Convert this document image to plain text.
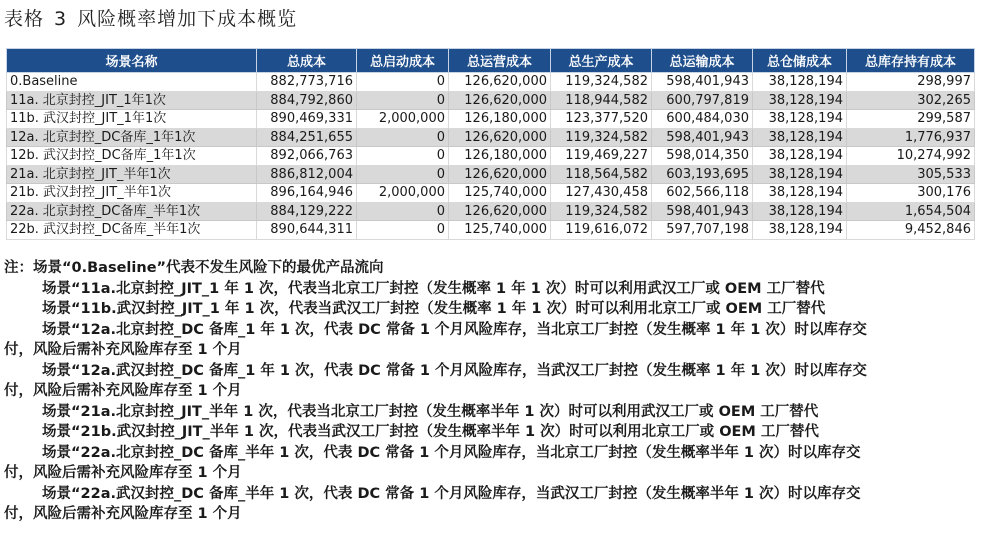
表格 3 风险概率增加下成本概览
场景名称	总成本	总启动成本	总运营成本	总生产成本	总运输成本	总仓储成本	总库存持有成本
0.Baseline	882,773,716	0	126,620,000	119,324,582	598,401,943	38,128,194	298,997
11a. 北京封控_JIT_1年1次	884,792,860	0	126,620,000	118,944,582	600,797,819	38,128,194	302,265
11b. 武汉封控_JIT_1年1次	890,469,331	2,000,000	126,180,000	123,377,520	600,484,030	38,128,194	299,587
12a. 北京封控_DC备库_1年1次	884,251,655	0	126,620,000	119,324,582	598,401,943	38,128,194	1,776,937
12b. 武汉封控_DC备库_1年1次	892,066,763	0	126,180,000	119,469,227	598,014,350	38,128,194	10,274,992
21a. 北京封控_JIT_半年1次	886,812,004	0	126,620,000	118,564,582	603,193,695	38,128,194	305,533
21b. 武汉封控_JIT_半年1次	896,164,946	2,000,000	125,740,000	127,430,458	602,566,118	38,128,194	300,176
22a. 北京封控_DC备库_半年1次	884,129,222	0	126,620,000	119,324,582	598,401,943	38,128,194	1,654,504
22b. 武汉封控_DC备库_半年1次	890,644,311	0	125,740,000	119,616,072	597,707,198	38,128,194	9,452,846
注：场景“0.Baseline”代表不发生风险下的最优产品流向
场景“11a.北京封控_JIT_1 年 1 次，代表当北京工厂封控（发生概率 1 年 1 次）时可以利用武汉工厂或 OEM 工厂替代
场景“11b.武汉封控_JIT_1 年 1 次，代表当武汉工厂封控（发生概率 1 年 1 次）时可以利用北京工厂或 OEM 工厂替代
场景“12a.北京封控_DC 备库_1 年 1 次，代表 DC 常备 1 个月风险库存，当北京工厂封控（发生概率 1 年 1 次）时以库存交
付，风险后需补充风险库存至 1 个月
场景“12a.武汉封控_DC 备库_1 年 1 次，代表 DC 常备 1 个月风险库存，当武汉工厂封控（发生概率 1 年 1 次）时以库存交
付，风险后需补充风险库存至 1 个月
场景“21a.北京封控_JIT_半年 1 次，代表当北京工厂封控（发生概率半年 1 次）时可以利用武汉工厂或 OEM 工厂替代
场景“21b.武汉封控_JIT_半年 1 次，代表当武汉工厂封控（发生概率半年 1 次）时可以利用北京工厂或 OEM 工厂替代
场景“22a.北京封控_DC 备库_半年 1 次，代表 DC 常备 1 个月风险库存，当北京工厂封控（发生概率半年 1 次）时以库存交
付，风险后需补充风险库存至 1 个月
场景“22a.武汉封控_DC 备库_半年 1 次，代表 DC 常备 1 个月风险库存，当武汉工厂封控（发生概率半年 1 次）时以库存交
付，风险后需补充风险库存至 1 个月
